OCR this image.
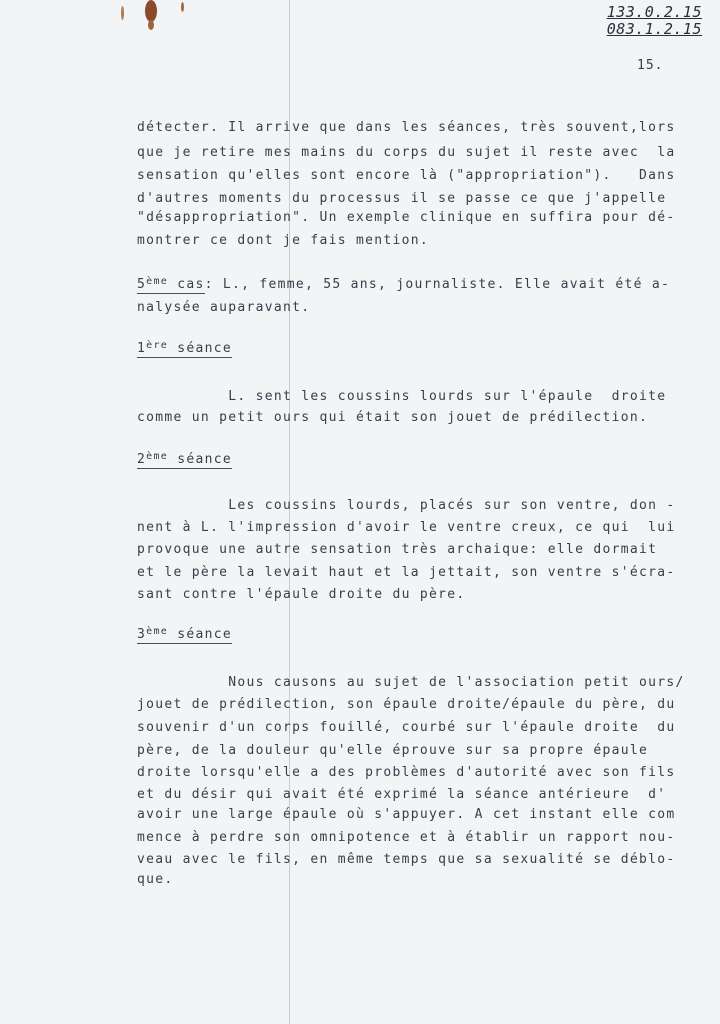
133.0.2.15
083.1.2.15
15.
détecter. Il arrive que dans les séances, très souvent,lors
que je retire mes mains du corps du sujet il reste avec  la
sensation qu'elles sont encore là ("appropriation").   Dans
d'autres moments du processus il se passe ce que j'appelle
"désappropriation". Un exemple clinique en suffira pour dé-
montrer ce dont je fais mention.
5ème cas: L., femme, 55 ans, journaliste. Elle avait été a-
nalysée auparavant.
1ère séance
L. sent les coussins lourds sur l'épaule  droite
comme un petit ours qui était son jouet de prédilection.
2ème séance
Les coussins lourds, placés sur son ventre, don -
nent à L. l'impression d'avoir le ventre creux, ce qui  lui
provoque une autre sensation très archaique: elle dormait
et le père la levait haut et la jettait, son ventre s'écra-
sant contre l'épaule droite du père.
3ème séance
Nous causons au sujet de l'association petit ours/
jouet de prédilection, son épaule droite/épaule du père, du
souvenir d'un corps fouillé, courbé sur l'épaule droite  du
père, de la douleur qu'elle éprouve sur sa propre épaule
droite lorsqu'elle a des problèmes d'autorité avec son fils
et du désir qui avait été exprimé la séance antérieure  d'
avoir une large épaule où s'appuyer. A cet instant elle com
mence à perdre son omnipotence et à établir un rapport nou-
veau avec le fils, en même temps que sa sexualité se déblo-
que.
